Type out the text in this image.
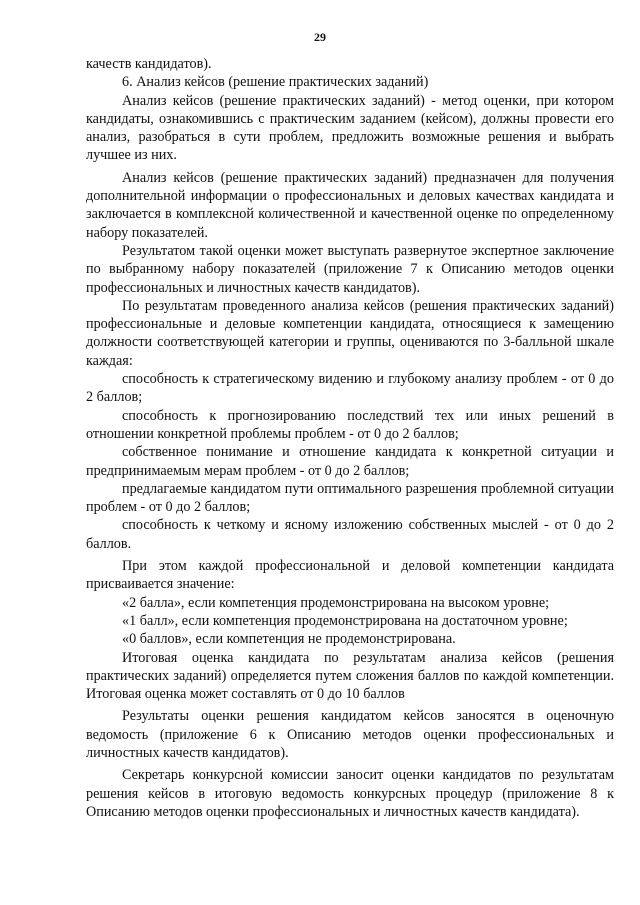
29

качеств кандидатов).

6. Анализ кейсов (решение практических заданий)

Анализ кейсов (решение практических заданий) - метод оценки, при котором кандидаты, ознакомившись с практическим заданием (кейсом), должны провести его анализ, разобраться в сути проблем, предложить возможные решения и выбрать лучшее из них.

Анализ кейсов (решение практических заданий) предназначен для получения дополнительной информации о профессиональных и деловых качествах кандидата и заключается в комплексной количественной и качественной оценке по определенному набору показателей.

Результатом такой оценки может выступать развернутое экспертное заключение по выбранному набору показателей (приложение 7 к Описанию методов оценки профессиональных и личностных качеств кандидатов).

По результатам проведенного анализа кейсов (решения практических заданий) профессиональные и деловые компетенции кандидата, относящиеся к замещению должности соответствующей категории и группы, оцениваются по 3-балльной шкале каждая:

способность к стратегическому видению и глубокому анализу проблем - от 0 до 2 баллов;

способность к прогнозированию последствий тех или иных решений в отношении конкретной проблемы проблем - от 0 до 2 баллов;

собственное понимание и отношение кандидата к конкретной ситуации и предпринимаемым мерам проблем - от 0 до 2 баллов;

предлагаемые кандидатом пути оптимального разрешения проблемной ситуации проблем - от 0 до 2 баллов;

способность к четкому и ясному изложению собственных мыслей - от 0 до 2 баллов.

При этом каждой профессиональной и деловой компетенции кандидата присваивается значение:

«2 балла», если компетенция продемонстрирована на высоком уровне;

«1 балл», если компетенция продемонстрирована на достаточном уровне;

«0 баллов», если компетенция не продемонстрирована.

Итоговая оценка кандидата по результатам анализа кейсов (решения практических заданий) определяется путем сложения баллов по каждой компетенции. Итоговая оценка может составлять от 0 до 10 баллов

Результаты оценки решения кандидатом кейсов заносятся в оценочную ведомость (приложение 6 к Описанию методов оценки профессиональных и личностных качеств кандидатов).

Секретарь конкурсной комиссии заносит оценки кандидатов по результатам решения кейсов в итоговую ведомость конкурсных процедур (приложение 8 к Описанию методов оценки профессиональных и личностных качеств кандидата).
